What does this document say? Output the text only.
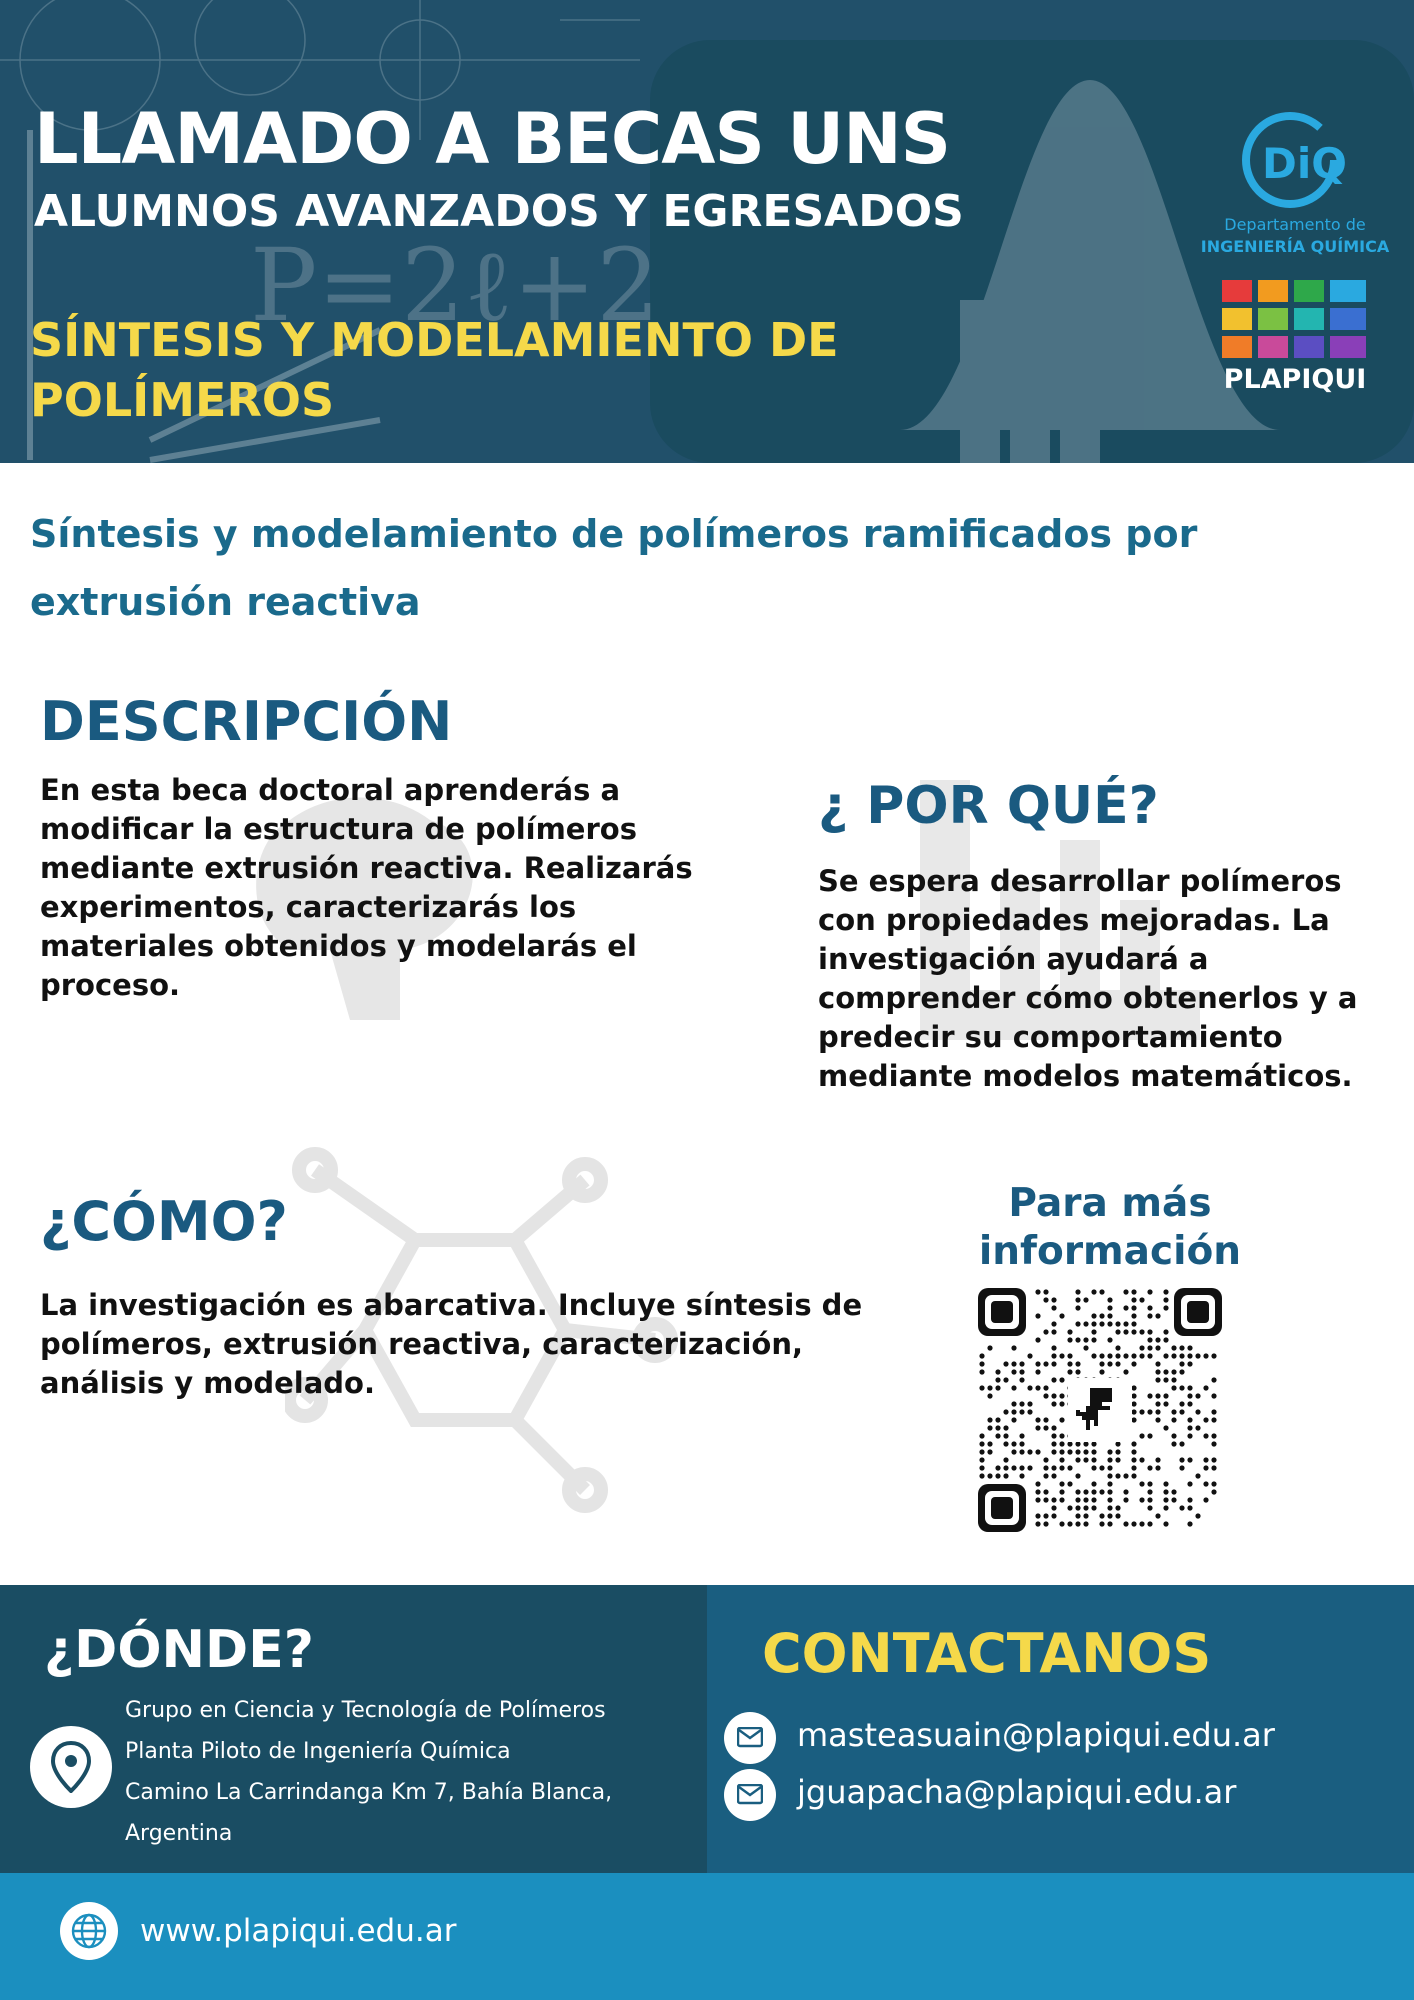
P=2ℓ+2
LLAMADO A BECAS UNS
ALUMNOS AVANZADOS Y EGRESADOS
SÍNTESIS Y MODELAMIENTO DE POLÍMEROS
DiQ
Departamento de
INGENIERÍA QUÍMICA
PLAPIQUI
Síntesis y modelamiento de polímeros ramificados por extrusión reactiva
DESCRIPCIÓN
En esta beca doctoral aprenderás a modificar la estructura de polímeros mediante extrusión reactiva. Realizarás experimentos, caracterizarás los materiales obtenidos y modelarás el proceso.
¿ POR QUÉ?
Se espera desarrollar polímeros con propiedades mejoradas. La investigación ayudará a comprender cómo obtenerlos y a predecir su comportamiento mediante modelos matemáticos.
¿CÓMO?
La investigación es abarcativa. Incluye síntesis de polímeros, extrusión reactiva, caracterización, análisis y modelado.
Para más información
¿DÓNDE?
Grupo en Ciencia y Tecnología de Polímeros
Planta Piloto de Ingeniería Química
Camino La Carrindanga Km 7, Bahía Blanca,
Argentina
CONTACTANOS
masteasuain@plapiqui.edu.ar
jguapacha@plapiqui.edu.ar
www.plapiqui.edu.ar
